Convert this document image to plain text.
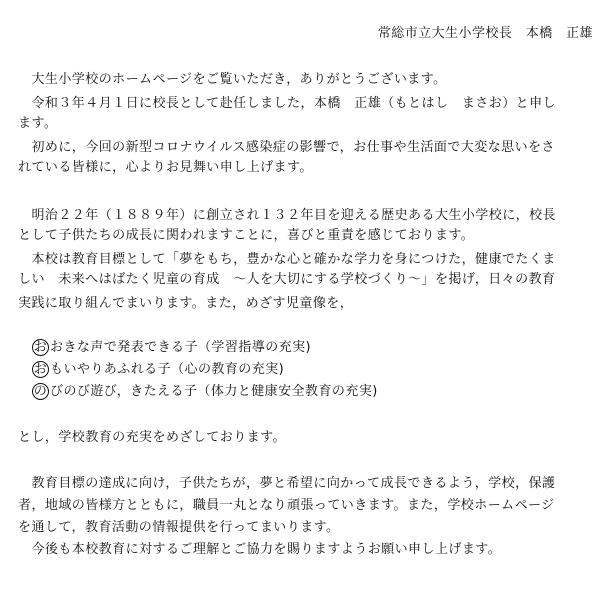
常総市立大生小学校長　本橋　正雄
　大生小学校のホームページをご覧いただき，ありがとうございます。
　令和３年４月１日に校長として赴任しました，本橋　正雄（もとはし　まさお）と申し
ます。
　初めに，今回の新型コロナウイルス感染症の影響で，お仕事や生活面で大変な思いをさ
れている皆様に，心よりお見舞い申し上げます。
　明治２２年（１８８９年）に創立され１３２年目を迎える歴史ある大生小学校に，校長
として子供たちの成長に関われますことに，喜びと重責を感じております。
　本校は教育目標として「夢をもち，豊かな心と確かな学力を身につけた，健康でたくま
しい　未来へはばたく児童の育成　～人を大切にする学校づくり～」を掲げ，日々の教育
実践に取り組んでまいります。また，めざす児童像を，
お おきな声で発表できる子（学習指導の充実)
お もいやりあふれる子（心の教育の充実)
の びのび遊び，きたえる子（体力と健康安全教育の充実)
とし，学校教育の充実をめざしております。
　教育目標の達成に向け，子供たちが，夢と希望に向かって成長できるよう，学校，保護
者，地域の皆様方とともに，職員一丸となり頑張っていきます。また，学校ホームページ
を通して，教育活動の情報提供を行ってまいります。
　今後も本校教育に対するご理解とご協力を賜りますようお願い申し上げます。
